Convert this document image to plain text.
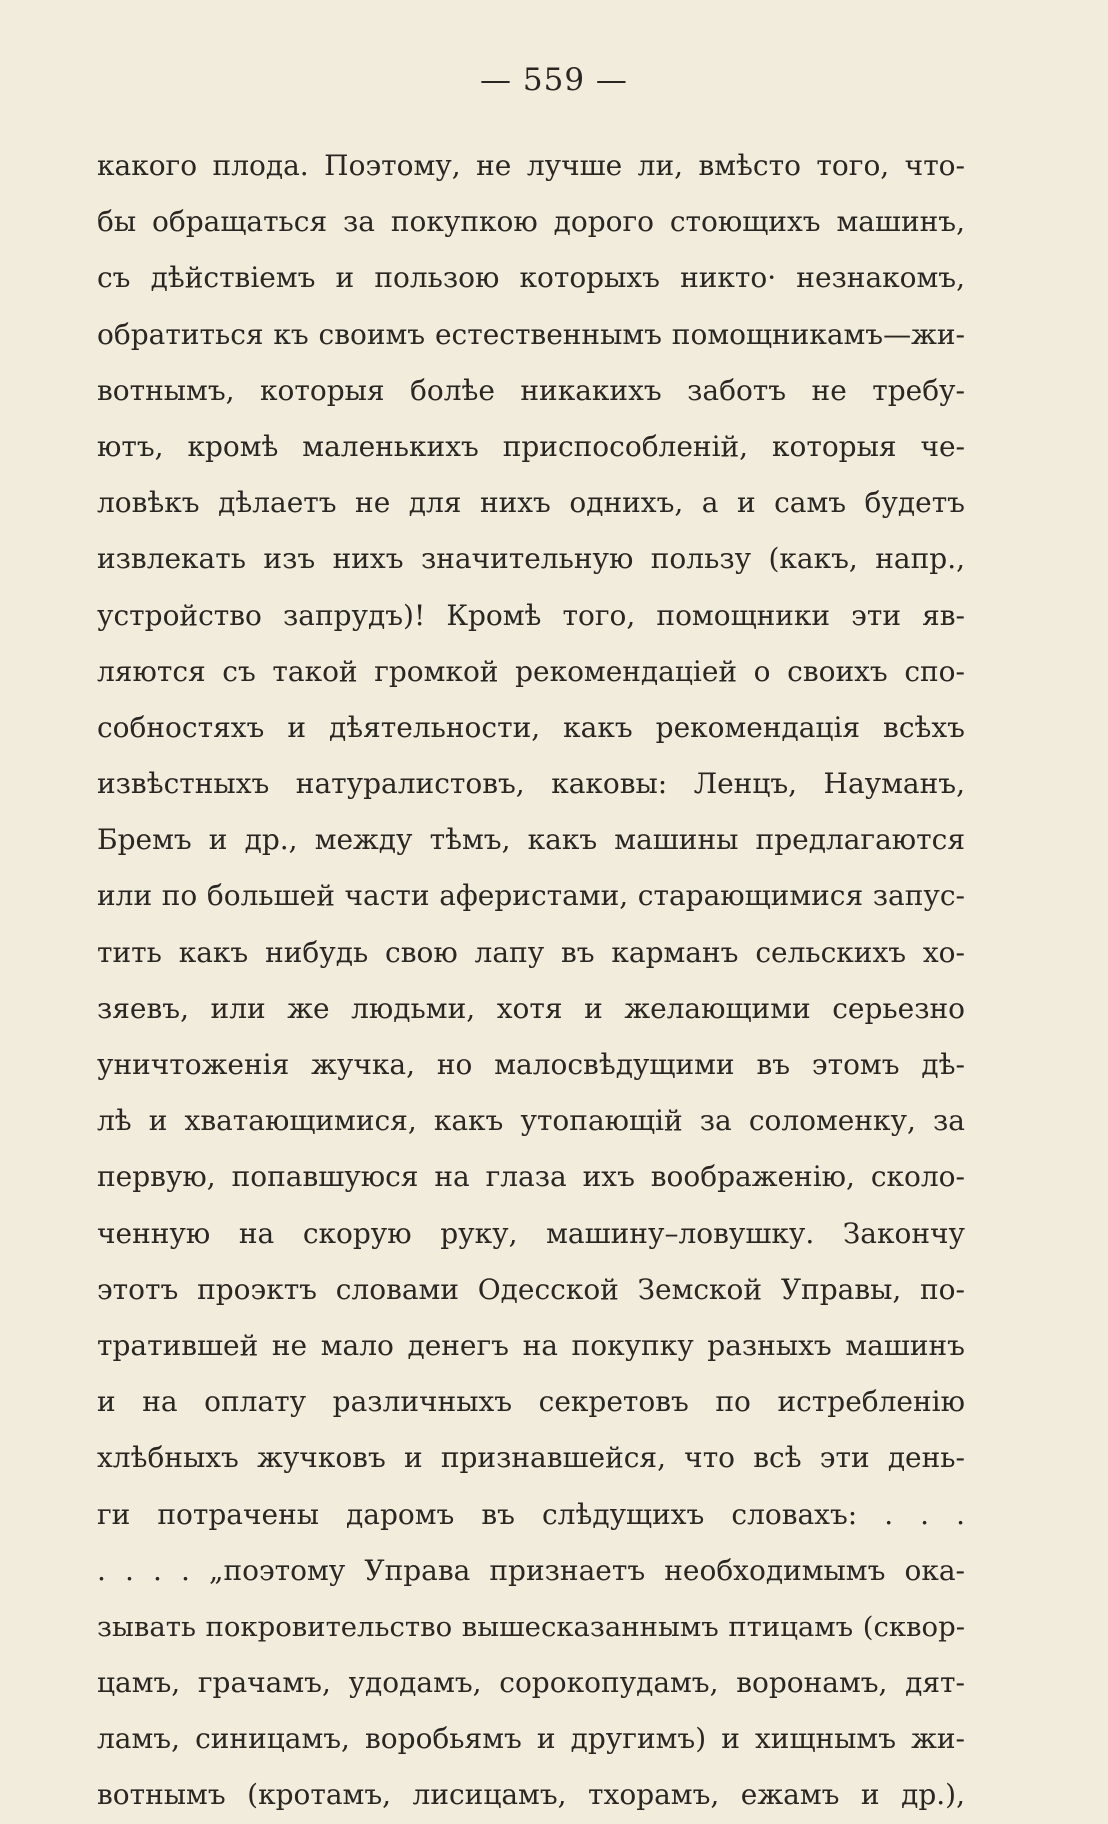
— 559 —
какого плода. Поэтому, не лучше ли, вмѣсто того, что-
бы обращаться за покупкою дорого стоющихъ машинъ,
съ дѣйствіемъ и пользою которыхъ никто· незнакомъ,
обратиться къ своимъ естественнымъ помощникамъ—жи-
вотнымъ, которыя болѣе никакихъ заботъ не требу-
ютъ, кромѣ маленькихъ приспособленій, которыя че-
ловѣкъ дѣлаетъ не для нихъ однихъ, а и самъ будетъ
извлекать изъ нихъ значительную пользу (какъ, напр.,
устройство запрудъ)! Кромѣ того, помощники эти яв-
ляются съ такой громкой рекомендаціей о своихъ спо-
собностяхъ и дѣятельности, какъ рекомендація всѣхъ
извѣстныхъ натуралистовъ, каковы: Ленцъ, Науманъ,
Бремъ и др., между тѣмъ, какъ машины предлагаются
или по большей части аферистами, старающимися запус-
тить какъ нибудь свою лапу въ карманъ сельскихъ хо-
зяевъ, или же людьми, хотя и желающими серьезно
уничтоженія жучка, но малосвѣдущими въ этомъ дѣ-
лѣ и хватающимися, какъ утопающій за соломенку, за
первую, попавшуюся на глаза ихъ воображенію, сколо-
ченную на скорую руку, машину–ловушку. Закончу
этотъ проэктъ словами Одесской Земской Управы, по-
тратившей не мало денегъ на покупку разныхъ машинъ
и на оплату различныхъ секретовъ по истребленію
хлѣбныхъ жучковъ и признавшейся, что всѣ эти день-
ги потрачены даромъ въ слѣдущихъ словахъ: . . .
. . . . „поэтому Управа признаетъ необходимымъ ока-
зывать покровительство вышесказаннымъ птицамъ (сквор-
цамъ, грачамъ, удодамъ, сорокопудамъ, воронамъ, дят-
ламъ, синицамъ, воробьямъ и другимъ) и хищнымъ жи-
вотнымъ (кротамъ, лисицамъ, тхорамъ, ежамъ и др.),
